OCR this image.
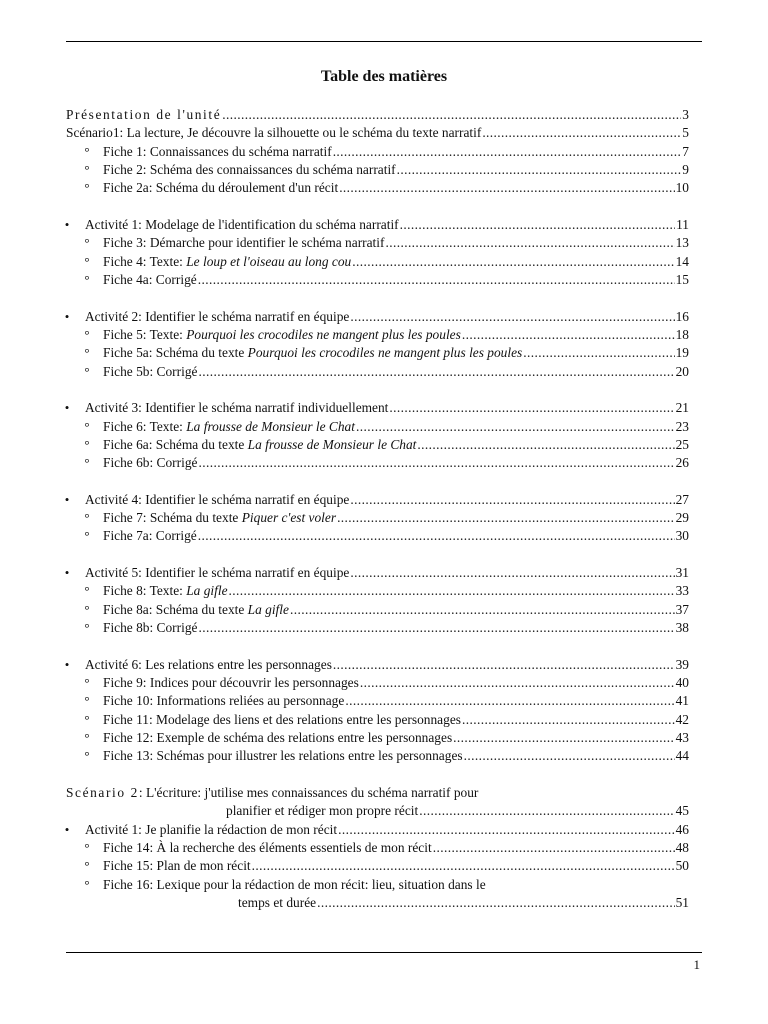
Table des matières
Présentation de l'unité .....	3
Scénario1: La lecture, Je découvre la silhouette ou le schéma du texte narratif .....	5
°	Fiche 1: Connaissances du schéma narratif .....	7
°	Fiche 2: Schéma des connaissances du schéma narratif .....	9
°	Fiche 2a: Schéma du déroulement d'un récit .....	10
•	Activité 1: Modelage de l'identification du schéma narratif .....	11
°	Fiche 3: Démarche pour identifier le schéma narratif .....	13
°	Fiche 4: Texte: Le loup et l'oiseau au long cou .....	14
°	Fiche 4a: Corrigé .....	15
•	Activité 2: Identifier le schéma narratif en équipe .....	16
°	Fiche 5: Texte: Pourquoi les crocodiles ne mangent plus les poules .....	18
°	Fiche 5a: Schéma du texte Pourquoi les crocodiles ne mangent plus les poules .....	19
°	Fiche 5b: Corrigé .....	20
•	Activité 3: Identifier le schéma narratif individuellement .....	21
°	Fiche 6: Texte: La frousse de Monsieur le Chat .....	23
°	Fiche 6a: Schéma du texte La frousse de Monsieur le Chat .....	25
°	Fiche 6b: Corrigé .....	26
•	Activité 4: Identifier le schéma narratif en équipe .....	27
°	Fiche 7: Schéma du texte Piquer c'est voler .....	29
°	Fiche 7a: Corrigé .....	30
•	Activité 5: Identifier le schéma narratif en équipe .....	31
°	Fiche 8: Texte: La gifle .....	33
°	Fiche 8a: Schéma du texte La gifle .....	37
°	Fiche 8b: Corrigé .....	38
•	Activité 6: Les relations entre les personnages .....	39
°	Fiche 9: Indices pour découvrir les personnages .....	40
°	Fiche 10: Informations reliées au personnage .....	41
°	Fiche 11: Modelage des liens et des relations entre les personnages .....	42
°	Fiche 12: Exemple de schéma des relations entre les personnages .....	43
°	Fiche 13: Schémas pour illustrer les relations entre les personnages .....	44
Scénario 2: L'écriture: j'utilise mes connaissances du schéma narratif pour
planifier et rédiger mon propre récit .....	45
•	Activité 1: Je planifie la rédaction de mon récit .....	46
°	Fiche 14: À la recherche des éléments essentiels de mon récit .....	48
°	Fiche 15: Plan de mon récit .....	50
°	Fiche 16: Lexique pour la rédaction de mon récit: lieu, situation dans le
temps et durée .....	51
1
